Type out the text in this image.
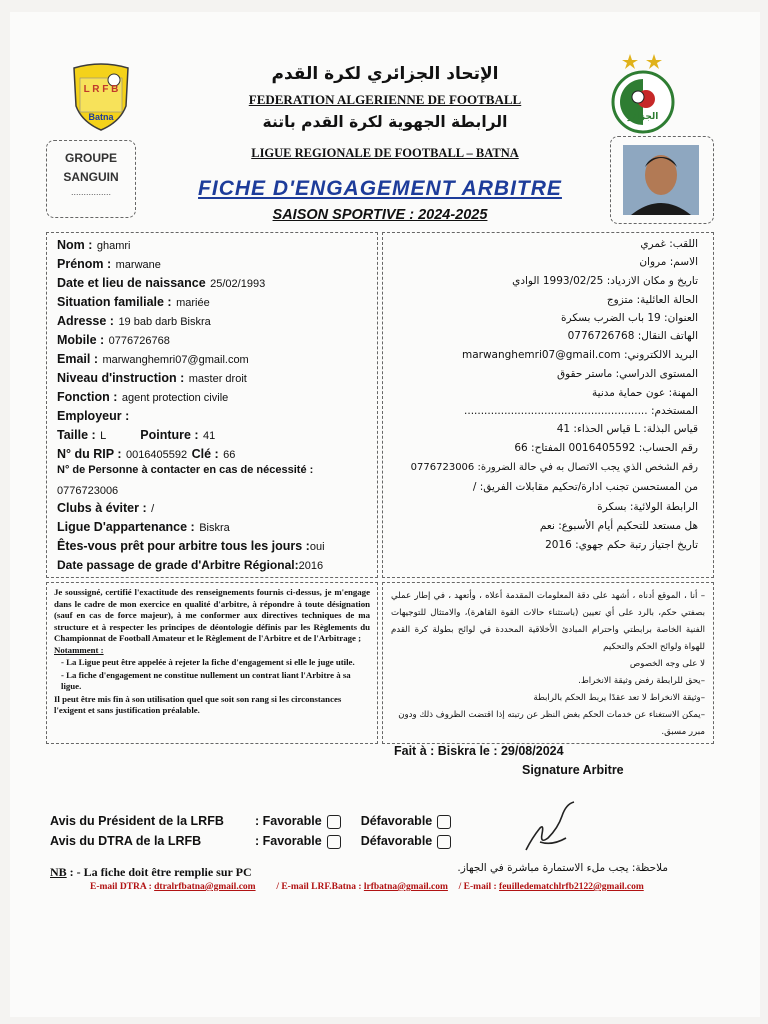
L R F B
Batna	الجزائر
الإتحاد الجزائري لكرة القدم
FEDERATION ALGERIENNE DE FOOTBALL
الرابطة الجهوية لكرة القدم باتنة
LIGUE REGIONALE DE FOOTBALL – BATNA
FICHE D'ENGAGEMENT ARBITRE
SAISON SPORTIVE : 2024-2025
GROUPE SANGUIN
................
Nom : ghamri
Prénom : marwane
Date et lieu de naissance 25/02/1993
Situation familiale : mariée
Adresse : 19 bab darb Biskra
Mobile : 0776726768
Email : marwanghemri07@gmail.com
Niveau d'instruction : master droit
Fonction : agent protection civile
Employeur :
Taille : L	Pointure : 41
N° du RIP : 0016405592 Clé : 66
N° de Personne à contacter en cas de nécessité :
0776723006
Clubs à éviter : /
Ligue D'appartenance : Biskra
Êtes-vous prêt pour arbitre tous les jours :oui
Date passage de grade d'Arbitre Régional:2016
اللقب: غمري
الاسم: مروان
تاريخ و مكان الازدياد: 1993/02/25 الوادي
الحالة العائلية: متزوج
العنوان: 19 باب الضرب بسكرة
الهاتف النقال: 0776726768
البريد الالكتروني: marwanghemri07@gmail.com
المستوى الدراسي: ماستر حقوق
المهنة: عون حماية مدنية
المستخدم: .......................................................
قياس البذلة: L قياس الحذاء: 41
رقم الحساب: 0016405592 المفتاح: 66
رقم الشخص الذي يجب الاتصال به في حالة الضرورة: 0776723006
من المستحسن تجنب ادارة/تحكيم مقابلات الفريق: /
الرابطة الولائية: بسكرة
هل مستعد للتحكيم أيام الأسبوع: نعم
تاريخ اجتياز رتبة حكم جهوي: 2016
Je soussigné, certifié l'exactitude des renseignements fournis ci-dessus, je m'engage dans le cadre de mon exercice en qualité d'arbitre, à répondre à toute désignation (sauf en cas de force majeur), à me conformer aux directives techniques de ma structure et à respecter les principes de déontologie définis par les Règlements du Championnat de Football Amateur et le Règlement de l'Arbitre et de l'Arbitrage ;
Notamment :
- La Ligue peut être appelée à rejeter la fiche d'engagement si elle le juge utile.
- La fiche d'engagement ne constitue nullement un contrat liant l'Arbitre à sa ligue.
Il peut être mis fin à son utilisation quel que soit son rang si les circonstances l'exigent et sans justification préalable.
– أنا ، الموقع أدناه ، أشهد على دقة المعلومات المقدمة أعلاه ، وأتعهد ، في إطار عملي بصفتي حكم، بالرد على أي تعيين (باستثناء حالات القوة القاهرة)، والامتثال للتوجيهات الفنية الخاصة برابطتي واحترام المبادئ الأخلاقية المحددة في لوائح بطولة كرة القدم للهواة ولوائح الحكم والتحكيم
لا على وجه الخصوص
–يحق للرابطة رفض وثيقة الانخراط.
–وثيقة الانخراط لا تعد عقدًا يربط الحكم بالرابطة
–يمكن الاستغناء عن خدمات الحكم بغض النظر عن رتبته إذا اقتضت الظروف ذلك ودون مبرر مسبق.
Fait à : Biskra le : 29/08/2024
Signature Arbitre
Avis du Président de la LRFB : Favorable	Défavorable
Avis du DTRA de la LRFB	: Favorable	Défavorable
NB : - La fiche doit être remplie sur PC	ملاحظة: يجب ملء الاستمارة مباشرة في الجهاز.
E-mail DTRA : dtralrfbatna@gmail.com / E-mail LRF.Batna : lrfbatna@gmail.com / E-mail : feuilledematchlrfb2122@gmail.com
